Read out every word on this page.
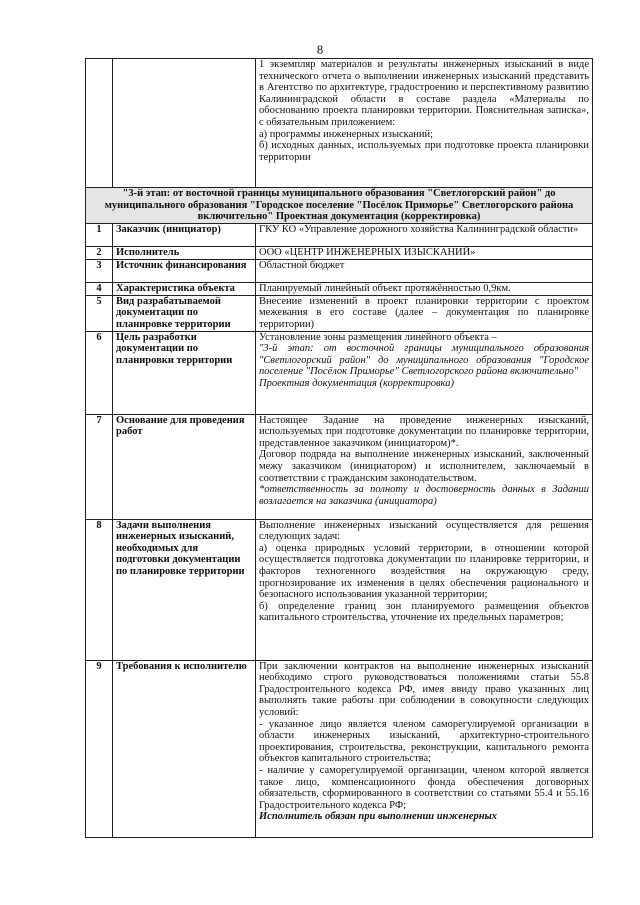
8

		1 экземпляр материалов и результаты инженерных изысканий в виде технического отчета о выполнении инженерных изысканий представить в Агентство по архитектуре, градостроению и перспективному развитию Калининградской области в составе раздела «Материалы по обоснованию проекта планировки территории. Пояснительная записка», с обязательным приложением:

а) программы инженерных изысканий;

б) исходных данных, используемых при подготовке проекта планировки территории

"3-й этап: от восточной границы муниципального образования "Светлогорский район" до муниципального образования "Городское поселение "Посёлок Приморье" Светлогорского района включительно" Проектная документация (корректировка)		
1	Заказчик (инициатор)	ГКУ КО «Управление дорожного хозяйства Калининградской области»

2	Исполнитель	ООО «ЦЕНТР ИНЖЕНЕРНЫХ ИЗЫСКАНИЙ»

3	Источник финансирования	Областной бюджет

4	Характеристика объекта	Планируемый линейный объект протяжённостью 0,9км.

5	Вид разрабатываемой документации по планировке территории	Внесение изменений в проект планировки территории с проектом межевания в его составе (далее – документация по планировке территории)

6	Цель разработки документации по планировки территории	Установление зоны размещения линейного объекта –

"3-й этап: от восточной границы муниципального образования "Светлогорский район" до муниципального образования "Городское поселение "Посёлок Приморье" Светлогорского района включительно"

Проектная документация (корректировка)

7	Основание для проведения работ	Настоящее Задание на проведение инженерных изысканий, используемых при подготовке документации по планировке территории, представленное заказчиком (инициатором)*.

Договор подряда на выполнение инженерных изысканий, заключенный межу заказчиком (инициатором) и исполнителем, заключаемый в соответствии с гражданским законодательством.

*ответственность за полноту и достоверность данных в Задании возлагается на заказчика (инициатора)

8	Задачи выполнения инженерных изысканий, необходимых для подготовки документации по планировке территории	Выполнение инженерных изысканий осуществляется для решения следующих задач:

а) оценка природных условий территории, в отношении которой осуществляется подготовка документации по планировке территории, и факторов техногенного воздействия на окружающую среду, прогнозирование их изменения в целях обеспечения рационального и безопасного использования указанной территории;

б) определение границ зон планируемого размещения объектов капитального строительства, уточнение их предельных параметров;

9	Требования к исполнителю	При заключении контрактов на выполнение инженерных изысканий необходимо строго руководствоваться положениями статьи 55.8 Градостроительного кодекса РФ, имея ввиду право указанных лиц выполнять такие работы при соблюдении в совокупности следующих условий:

- указанное лицо является членом саморегулируемой организации в области инженерных изысканий, архитектурно-строительного проектирования, строительства, реконструкции, капитального ремонта объектов капитального строительства;

- наличие у саморегулируемой организации, членом которой является такое лицо, компенсационного фонда обеспечения договорных обязательств, сформированного в соответствии со статьями 55.4 и 55.16 Градостроительного кодекса РФ;

Исполнитель обязан при выполнении инженерных
